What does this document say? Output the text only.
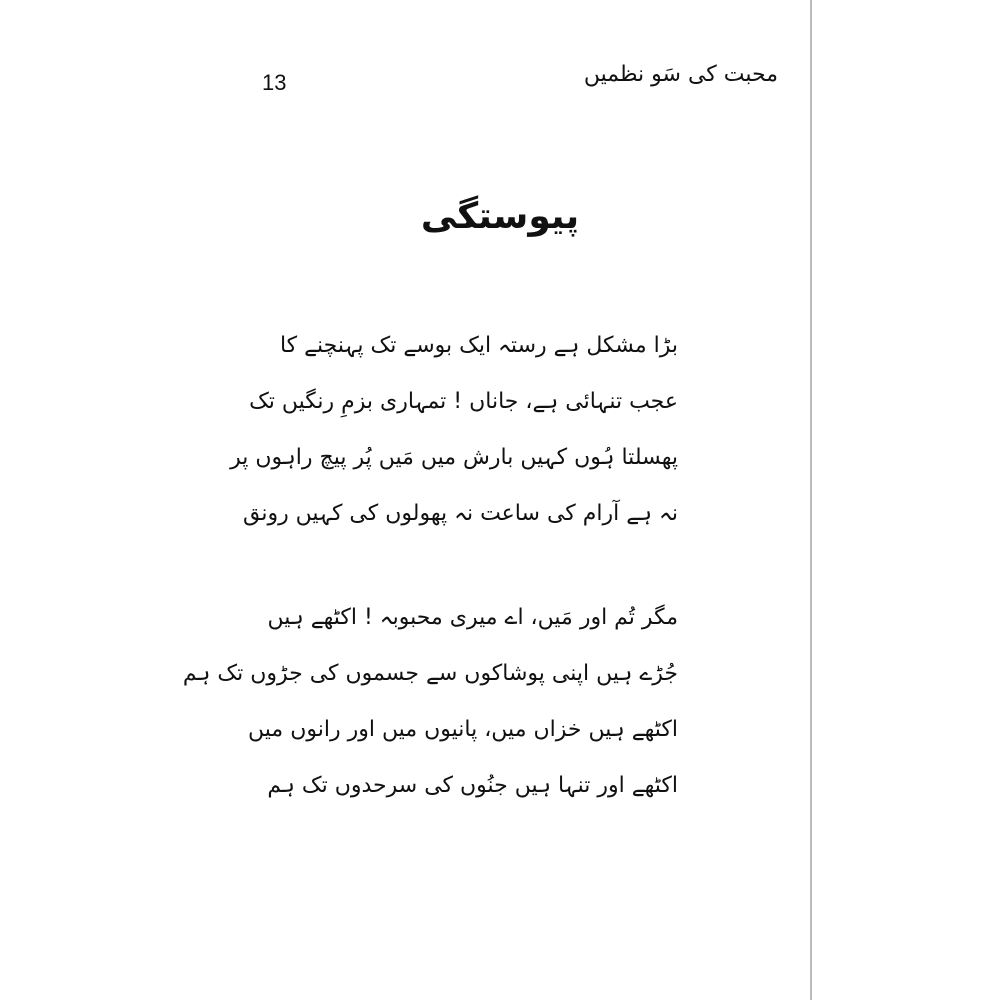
محبت کی سَو نظمیں
13
پیوستگی
بڑا مشکل ہے رستہ ایک بوسے تک پہنچنے کا
عجب تنہائی ہے، جاناں ! تمہاری بزمِ رنگیں تک
پھسلتا ہُوں کہیں بارش میں مَیں پُر پیچ راہوں پر
نہ ہے آرام کی ساعت نہ پھولوں کی کہیں رونق
مگر تُم اور مَیں، اے میری محبوبہ ! اکٹھے ہیں
جُڑے ہیں اپنی پوشاکوں سے جسموں کی جڑوں تک ہم
اکٹھے ہیں خزاں میں، پانیوں میں اور رانوں میں
اکٹھے اور تنہا ہیں جنُوں کی سرحدوں تک ہم
